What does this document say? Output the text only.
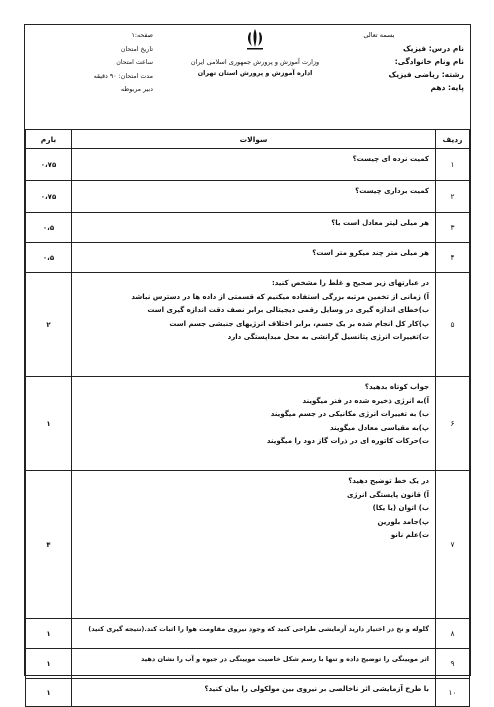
بسمه تعالی
نام درس: فیزیک
نام ونام خانوادگی:
رشته: ریاضی فیزیک
پایه: دهم
وزارت آموزش و پرورش جمهوری اسلامی ایران
اداره آموزش و پرورش استان تهران
صفحه:۱
تاریخ امتحان
ساعت امتحان
مدت امتحان: ۹۰ دقیقه
دبیر مربوطه
بارم	سوالات	ردیف
۰،۷۵	کمیت نرده ای چیست؟	۱
۰،۷۵	کمیت برداری چیست؟	۲
۰،۵	هر میلی لیتر معادل است با؟	۳
۰،۵	هر میلی متر چند میکرو متر است؟	۴
۲	در عبارتهای زیر صحیح و غلط را مشخص کنید:
آ) زمانی از تخمین مرتبه بزرگی استفاده میکنیم که قسمتی از داده ها در دسترس نباشد
ب)خطای اندازه گیری در وسایل رقمی دیجیتالی برابر نصف دقت اندازه گیری است
پ)کار کل انجام شده بر یک جسم، برابر اختلاف انرژیهای جنبشی جسم است
ت)تغییرات انرژی پتانسیل گرانشی به محل مبداپستگی دارد	۵
۱	جواب کوتاه بدهید؟
آ)به انرژی ذخیره شده در فنر میگویند
ب) به تغییرات انرژی مکانیکی در جسم میگویند
پ)به مقیاسی معادل میگویند
ت)حرکات کاتوره ای در ذرات گاز دود را میگویند	۶
۴	در یک خط توضیح دهید؟
آ) قانون پایستگی انرژی
ب) اتوان (یا یکا)
پ)جامد بلورین
ت)علم نانو	۷
۱	گلوله و نخ در اختیار دارید آزمایشی طراحی کنید که وجود نیروی مقاومت هوا را اثبات کند.(نتیجه گیری کنید)	۸
۱	اثر مویینگی را توضیح داده و تنها با رسم شکل خاصیت مویینگی در جیوه و آب را نشان دهید	۹
۱	با طرح آزمایشی اثر ناخالصی بر نیروی بین مولکولی را بیان کنید؟	۱۰
